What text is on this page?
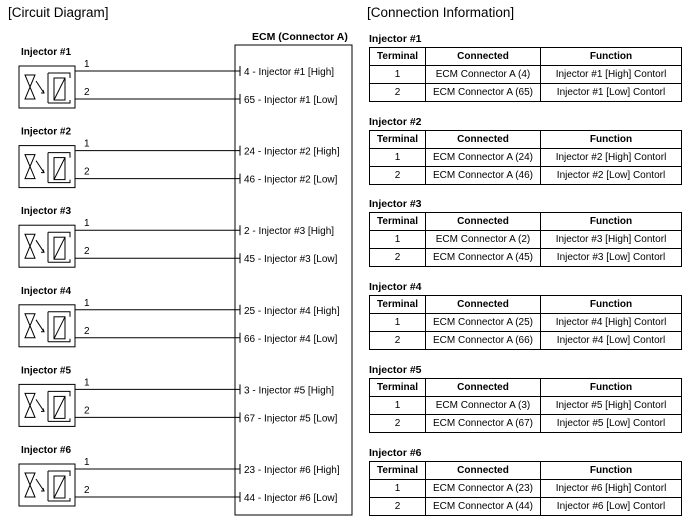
[Circuit Diagram]	[Connection Information]
ECM (Connector A)
Injector #1
1
2
4 - Injector #1 [High]
65 - Injector #1 [Low]
Injector #2
1
2
24 - Injector #2 [High]
46 - Injector #2 [Low]
Injector #3
1
2
2 - Injector #3 [High]
45 - Injector #3 [Low]
Injector #4
1
2
25 - Injector #4 [High]
66 - Injector #4 [Low]
Injector #5
1
2
3 - Injector #5 [High]
67 - Injector #5 [Low]
Injector #6
1
2
23 - Injector #6 [High]
44 - Injector #6 [Low]
Injector #1
Terminal	Connected	Function
1	ECM Connector A (4)	Injector #1 [High] Contorl
2	ECM Connector A (65)	Injector #1 [Low] Contorl
Injector #2
Terminal	Connected	Function
1	ECM Connector A (24)	Injector #2 [High] Contorl
2	ECM Connector A (46)	Injector #2 [Low] Contorl
Injector #3
Terminal	Connected	Function
1	ECM Connector A (2)	Injector #3 [High] Contorl
2	ECM Connector A (45)	Injector #3 [Low] Contorl
Injector #4
Terminal	Connected	Function
1	ECM Connector A (25)	Injector #4 [High] Contorl
2	ECM Connector A (66)	Injector #4 [Low] Contorl
Injector #5
Terminal	Connected	Function
1	ECM Connector A (3)	Injector #5 [High] Contorl
2	ECM Connector A (67)	Injector #5 [Low] Contorl
Injector #6
Terminal	Connected	Function
1	ECM Connector A (23)	Injector #6 [High] Contorl
2	ECM Connector A (44)	Injector #6 [Low] Contorl
